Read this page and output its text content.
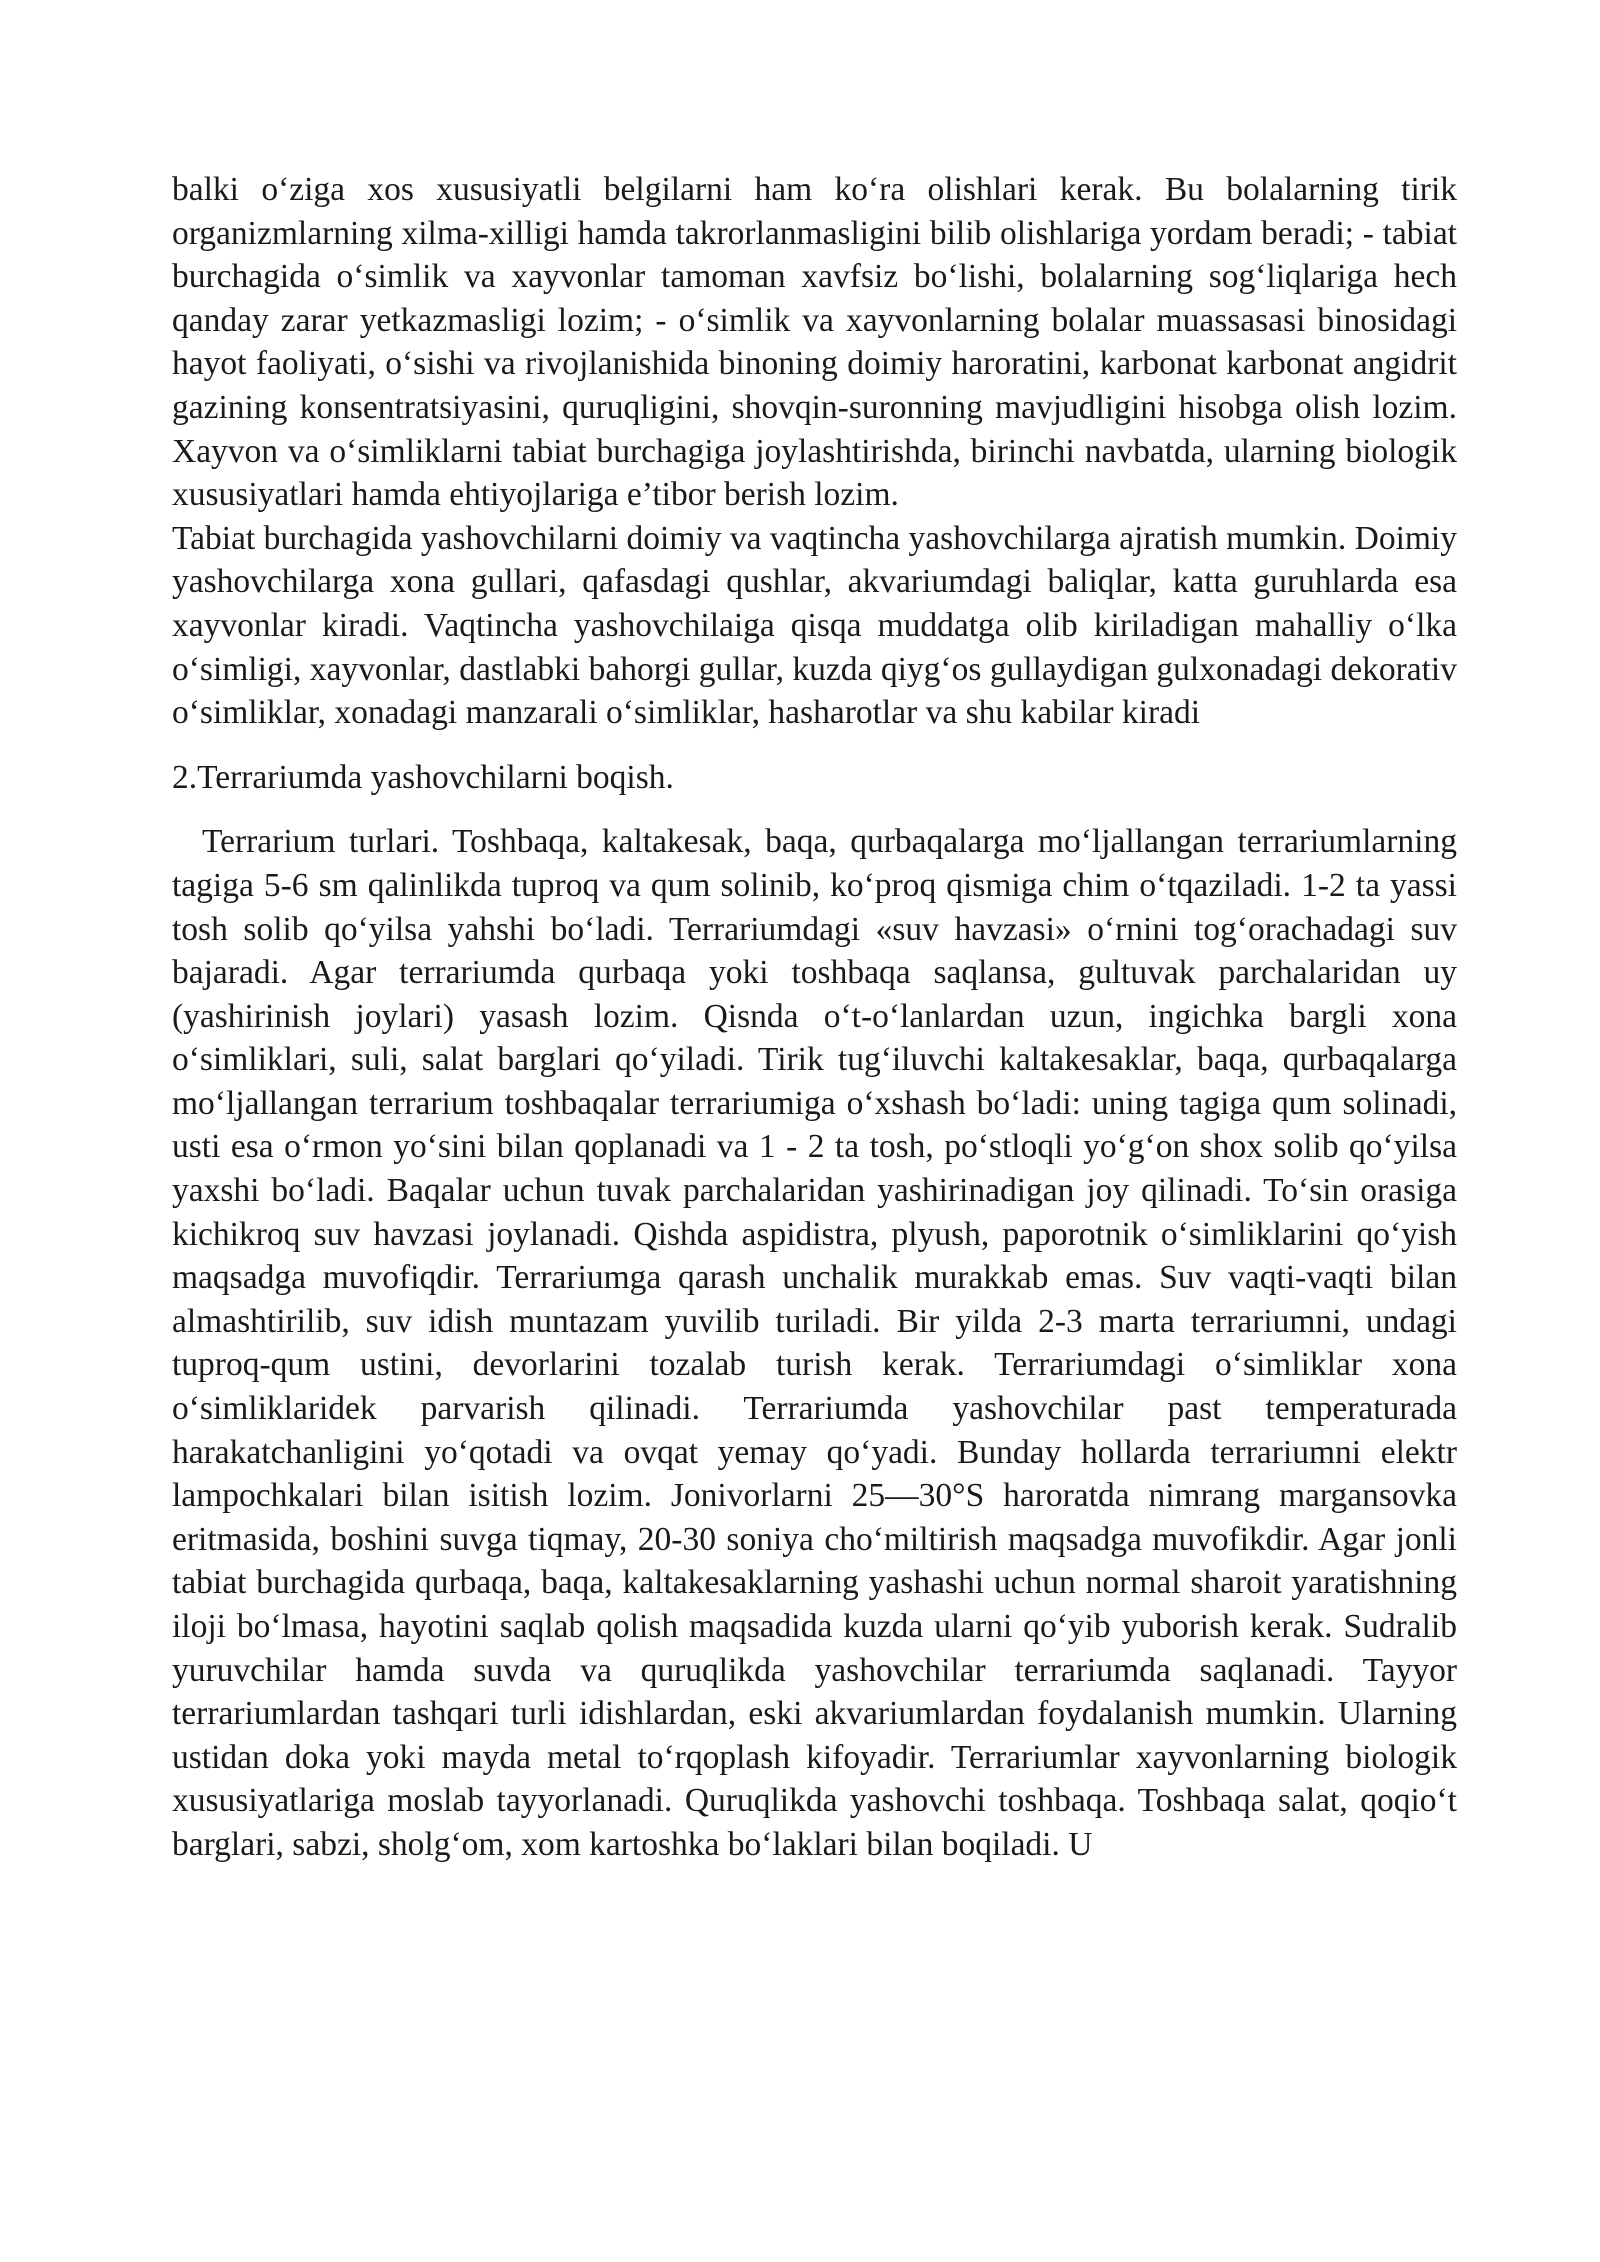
balki o‘ziga xos xususiyatli belgilarni ham ko‘ra olishlari kerak. Bu bolalarning tirik organizmlarning xilma-xilligi hamda takrorlanmasligini bilib olishlariga yordam beradi; - tabiat burchagida o‘simlik va xayvonlar tamoman xavfsiz bo‘lishi, bolalarning sog‘liqlariga hech qanday zarar yetkazmasligi lozim; - o‘simlik va xayvonlarning bolalar muassasasi binosidagi hayot faoliyati, o‘sishi va rivojlanishida binoning doimiy haroratini, karbonat karbonat angidrit gazining konsentratsiyasini, quruqligini, shovqin-suronning mavjudligini hisobga olish lozim. Xayvon va o‘simliklarni tabiat burchagiga joylashtirishda, birinchi navbatda, ularning biologik xususiyatlari hamda ehtiyojlariga e’tibor berish lozim.

Tabiat burchagida yashovchilarni doimiy va vaqtincha yashovchilarga ajratish mumkin. Doimiy yashovchilarga xona gullari, qafasdagi qushlar, akvariumdagi baliqlar, katta guruhlarda esa xayvonlar kiradi. Vaqtincha yashovchilaiga qisqa muddatga olib kiriladigan mahalliy o‘lka o‘simligi, xayvonlar, dastlabki bahorgi gullar, kuzda qiyg‘os gullaydigan gulxonadagi dekorativ o‘simliklar, xonadagi manzarali o‘simliklar, hasharotlar va shu kabilar kiradi

2.Terrariumda yashovchilarni boqish.

Terrarium turlari. Toshbaqa, kaltakesak, baqa, qurbaqalarga mo‘ljallangan terrariumlarning tagiga 5-6 sm qalinlikda tuproq va qum solinib, ko‘proq qismiga chim o‘tqaziladi. 1-2 ta yassi tosh solib qo‘yilsa yahshi bo‘ladi. Terrariumdagi «suv havzasi» o‘rnini tog‘orachadagi suv bajaradi. Agar terrariumda qurbaqa yoki toshbaqa saqlansa, gultuvak parchalaridan uy (yashirinish joylari) yasash lozim. Qisnda o‘t-o‘lanlardan uzun, ingichka bargli xona o‘simliklari, suli, salat barglari qo‘yiladi. Tirik tug‘iluvchi kaltakesaklar, baqa, qurbaqalarga mo‘ljallangan terrarium toshbaqalar terrariumiga o‘xshash bo‘ladi: uning tagiga qum solinadi, usti esa o‘rmon yo‘sini bilan qoplanadi va 1 - 2 ta tosh, po‘stloqli yo‘g‘on shox solib qo‘yilsa yaxshi bo‘ladi. Baqalar uchun tuvak parchalaridan yashirinadigan joy qilinadi. To‘sin orasiga kichikroq suv havzasi joylanadi. Qishda aspidistra, plyush, paporotnik o‘simliklarini qo‘yish maqsadga muvofiqdir. Terrariumga qarash unchalik murakkab emas. Suv vaqti-vaqti bilan almashtirilib, suv idish muntazam yuvilib turiladi. Bir yilda 2-3 marta terrariumni, undagi tuproq-qum ustini, devorlarini tozalab turish kerak. Terrariumdagi o‘simliklar xona o‘simliklaridek parvarish qilinadi. Terrariumda yashovchilar past temperaturada harakatchanligini yo‘qotadi va ovqat yemay qo‘yadi. Bunday hollarda terrariumni elektr lampochkalari bilan isitish lozim. Jonivorlarni 25—30°S haroratda nimrang margansovka eritmasida, boshini suvga tiqmay, 20-30 soniya cho‘miltirish maqsadga muvofikdir. Agar jonli tabiat burchagida qurbaqa, baqa, kaltakesaklarning yashashi uchun normal sharoit yaratishning iloji bo‘lmasa, hayotini saqlab qolish maqsadida kuzda ularni qo‘yib yuborish kerak. Sudralib yuruvchilar hamda suvda va quruqlikda yashovchilar terrariumda saqlanadi. Tayyor terrariumlardan tashqari turli idishlardan, eski akvariumlardan foydalanish mumkin. Ularning ustidan doka yoki mayda metal to‘rqoplash kifoyadir. Terrariumlar xayvonlarning biologik xususiyatlariga moslab tayyorlanadi. Quruqlikda yashovchi toshbaqa. Toshbaqa salat, qoqio‘t barglari, sabzi, sholg‘om, xom kartoshka bo‘laklari bilan boqiladi. U
